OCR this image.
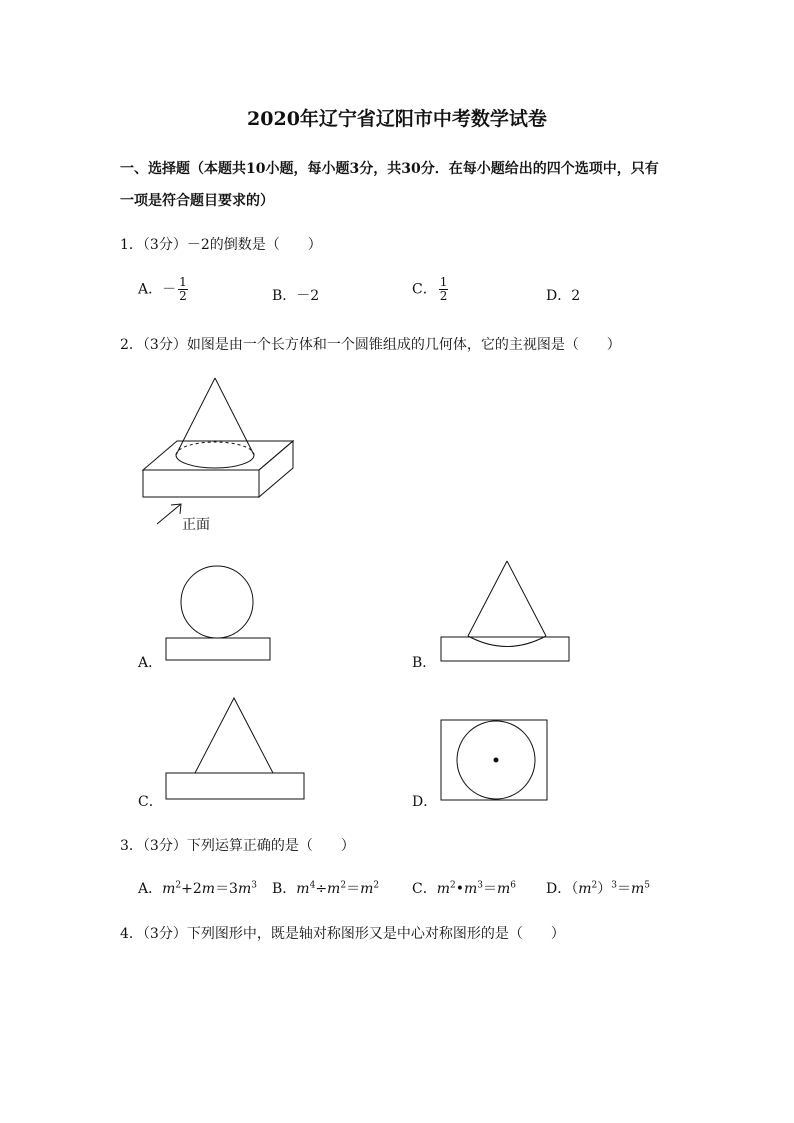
2020年辽宁省辽阳市中考数学试卷
一、选择题（本题共10小题，每小题3分，共30分．在每小题给出的四个选项中，只有
一项是符合题目要求的）
1．（3分）－2的倒数是（　　）
A．－ $\frac{1}{2}$	B．－2	C． $\frac{1}{2}$	D．2
2．（3分）如图是由一个长方体和一个圆锥组成的几何体，它的主视图是（　　）
正面
A．	B．
C．	D．
3．（3分）下列运算正确的是（　　）
A．$m^2+2m=3m^3$ B．$m^4\div m^2=m^2$ C．$m^2•m^3=m^6$ D．$(m^2)^3=m^5$
4．（3分）下列图形中，既是轴对称图形又是中心对称图形的是（　　）
